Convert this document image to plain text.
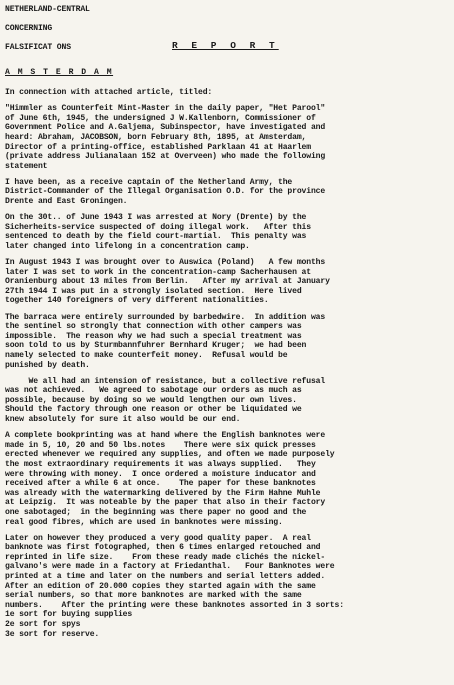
NETHERLAND-CENTRAL
CONCERNING
R E P O R T
FALSIFICAT ONS
A M S T E R D A M
In connection with attached article, titled:
"Himmler as Counterfeit Mint-Master in the daily paper, "Het Parool"
of June 6th, 1945, the undersigned J W.Kallenborn, Commissioner of
Government Police and A.Galjema, Subinspector, have investigated and
heard: Abraham, JACOBSON, born February 8th, 1895, at Amsterdam,
Director of a printing-office, established Parklaan 41 at Haarlem
(private address Julianalaan 152 at Overveen) who made the following
statement
I have been, as a receive captain of the Netherland Army, the
District-Commander of the Illegal Organisation O.D. for the province
Drente and East Groningen.
On the 30t.. of June 1943 I was arrested at Nory (Drente) by the
Sicherheits-service suspected of doing illegal work.   After this
sentenced to death by the field court-martial.  This penalty was
later changed into lifelong in a concentration camp.
In August 1943 I was brought over to Auswica (Poland)   A few months
later I was set to work in the concentration-camp Sacherhausen at
Oranienburg about 13 miles from Berlin.   After my arrival at January
27th 1944 I was put in a strongly isolated section.  Here lived
together 140 foreigners of very different nationalities.
The barraca were entirely surrounded by barbedwire.  In addition was
the sentinel so strongly that connection with other campers was
impossible.  The reason why we had such a special treatment was
soon told to us by Sturmbannfuhrer Bernhard Kruger;  we had been
namely selected to make counterfeit money.  Refusal would be
punished by death.
We all had an intension of resistance, but a collective refusal
was not achieved.   We agreed to sabotage our orders as much as
possible, because by doing so we would lengthen our own lives.
Should the factory through one reason or other be liquidated we
knew absolutely for sure it also would be our end.
A complete bookprinting was at hand where the English banknotes were
made in 5, 10, 20 and 50 lbs.notes    There were six quick presses
erected whenever we required any supplies, and often we made purposely
the most extraordinary requirements it was always supplied.   They
were throwing with money.  I once ordered a moisture inducator and
received after a while 6 at once.    The paper for these banknotes
was already with the watermarking delivered by the Firm Hahne Muhle
at Leipzig.  It was noteable by the paper that also in their factory
one sabotaged;  in the beginning was there paper no good and the
real good fibres, which are used in banknotes were missing.
Later on however they produced a very good quality paper.  A real
banknote was first fotographed, then 6 times enlarged retouched and
reprinted in life size.    From these ready made clichés the nickel-
galvano's were made in a factory at Friedanthal.   Four Banknotes were
printed at a time and later on the numbers and serial letters added.
After an edition of 20.000 copies they started again with the same
serial numbers, so that more banknotes are marked with the same
numbers.    After the printing were these banknotes assorted in 3 sorts:
1e sort for buying supplies
2e sort for spys
3e sort for reserve.
